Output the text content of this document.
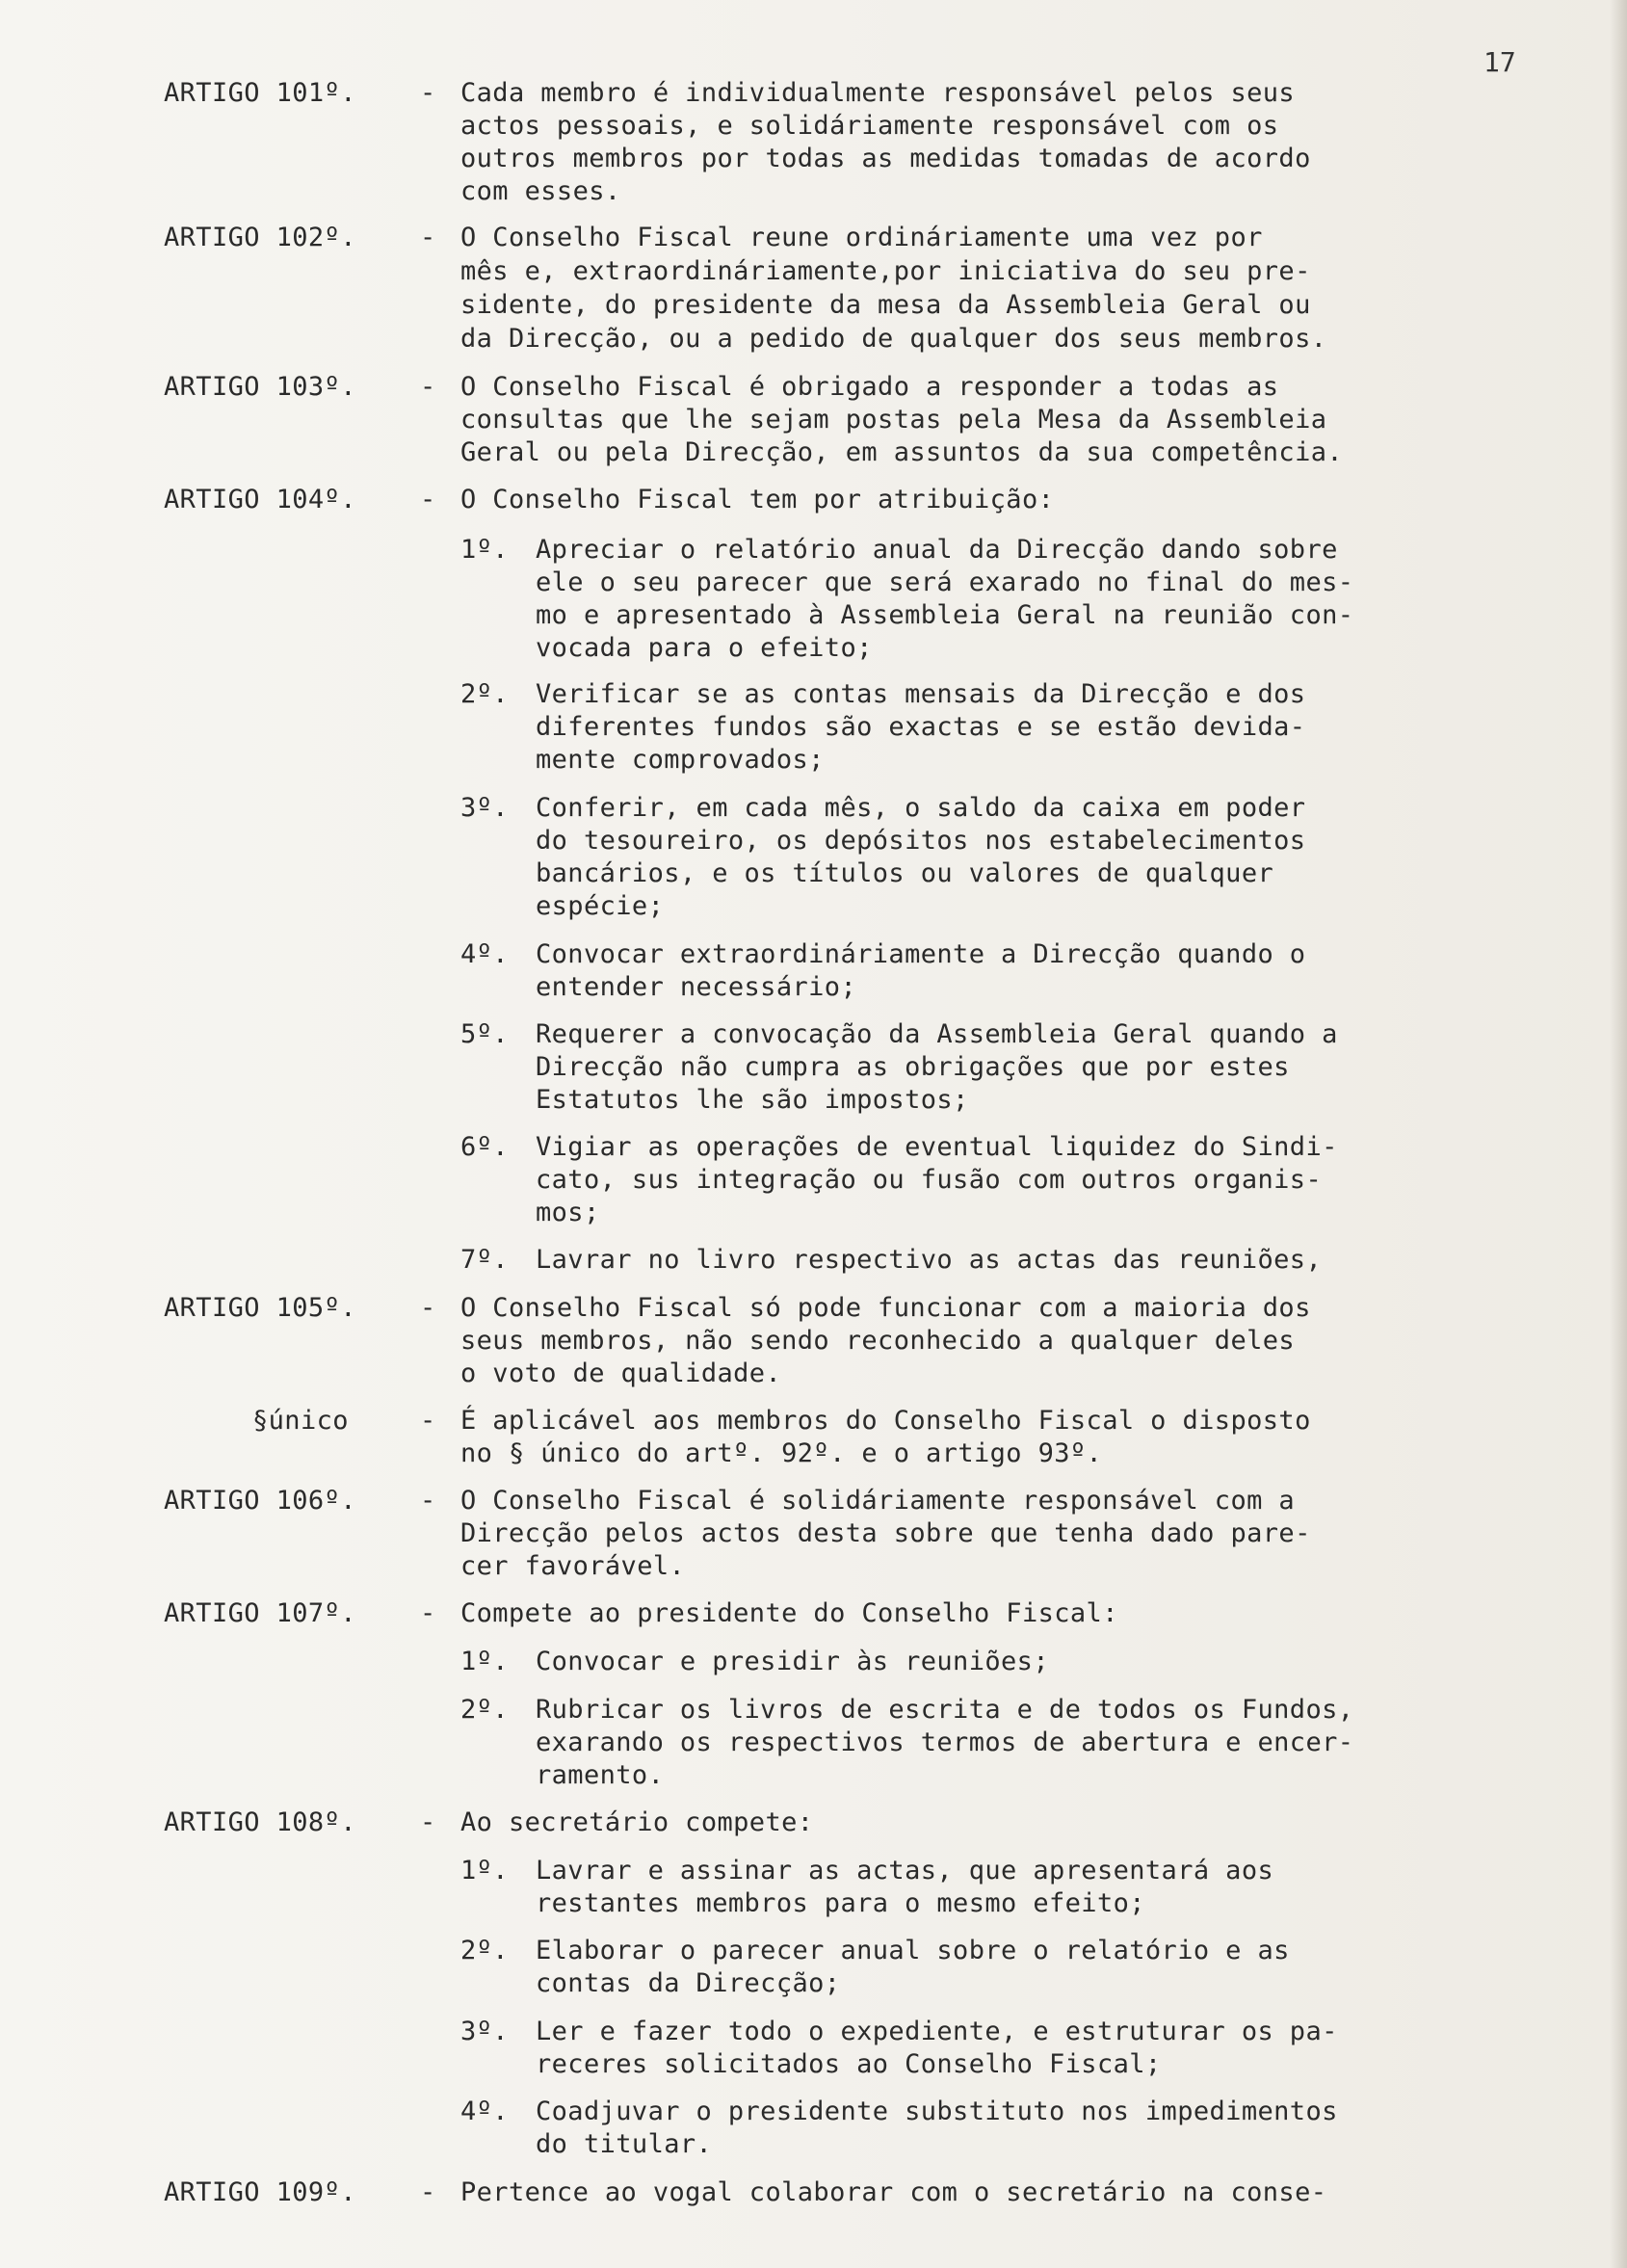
17
ARTIGO 101º. - Cada membro é individualmente responsável pelos seus
actos pessoais, e solidáriamente responsável com os
outros membros por todas as medidas tomadas de acordo
com esses.
ARTIGO 102º. - O Conselho Fiscal reune ordináriamente uma vez por
mês e, extraordináriamente,por iniciativa do seu pre-
sidente, do presidente da mesa da Assembleia Geral ou
da Direcção, ou a pedido de qualquer dos seus membros.
ARTIGO 103º. - O Conselho Fiscal é obrigado a responder a todas as
consultas que lhe sejam postas pela Mesa da Assembleia
Geral ou pela Direcção, em assuntos da sua competência.
ARTIGO 104º. - O Conselho Fiscal tem por atribuição:
1º. Apreciar o relatório anual da Direcção dando sobre
ele o seu parecer que será exarado no final do mes-
mo e apresentado à Assembleia Geral na reunião con-
vocada para o efeito;
2º. Verificar se as contas mensais da Direcção e dos
diferentes fundos são exactas e se estão devida-
mente comprovados;
3º. Conferir, em cada mês, o saldo da caixa em poder
do tesoureiro, os depósitos nos estabelecimentos
bancários, e os títulos ou valores de qualquer
espécie;
4º. Convocar extraordináriamente a Direcção quando o
entender necessário;
5º. Requerer a convocação da Assembleia Geral quando a
Direcção não cumpra as obrigações que por estes
Estatutos lhe são impostos;
6º. Vigiar as operações de eventual liquidez do Sindi-
cato, sus integração ou fusão com outros organis-
mos;
7º. Lavrar no livro respectivo as actas das reuniões,
ARTIGO 105º. - O Conselho Fiscal só pode funcionar com a maioria dos
seus membros, não sendo reconhecido a qualquer deles
o voto de qualidade.
§único	- É aplicável aos membros do Conselho Fiscal o disposto
no § único do artº. 92º. e o artigo 93º.
ARTIGO 106º. - O Conselho Fiscal é solidáriamente responsável com a
Direcção pelos actos desta sobre que tenha dado pare-
cer favorável.
ARTIGO 107º. - Compete ao presidente do Conselho Fiscal:
1º. Convocar e presidir às reuniões;
2º. Rubricar os livros de escrita e de todos os Fundos,
exarando os respectivos termos de abertura e encer-
ramento.
ARTIGO 108º. - Ao secretário compete:
1º. Lavrar e assinar as actas, que apresentará aos
restantes membros para o mesmo efeito;
2º. Elaborar o parecer anual sobre o relatório e as
contas da Direcção;
3º. Ler e fazer todo o expediente, e estruturar os pa-
receres solicitados ao Conselho Fiscal;
4º. Coadjuvar o presidente substituto nos impedimentos
do titular.
ARTIGO 109º. - Pertence ao vogal colaborar com o secretário na conse-
